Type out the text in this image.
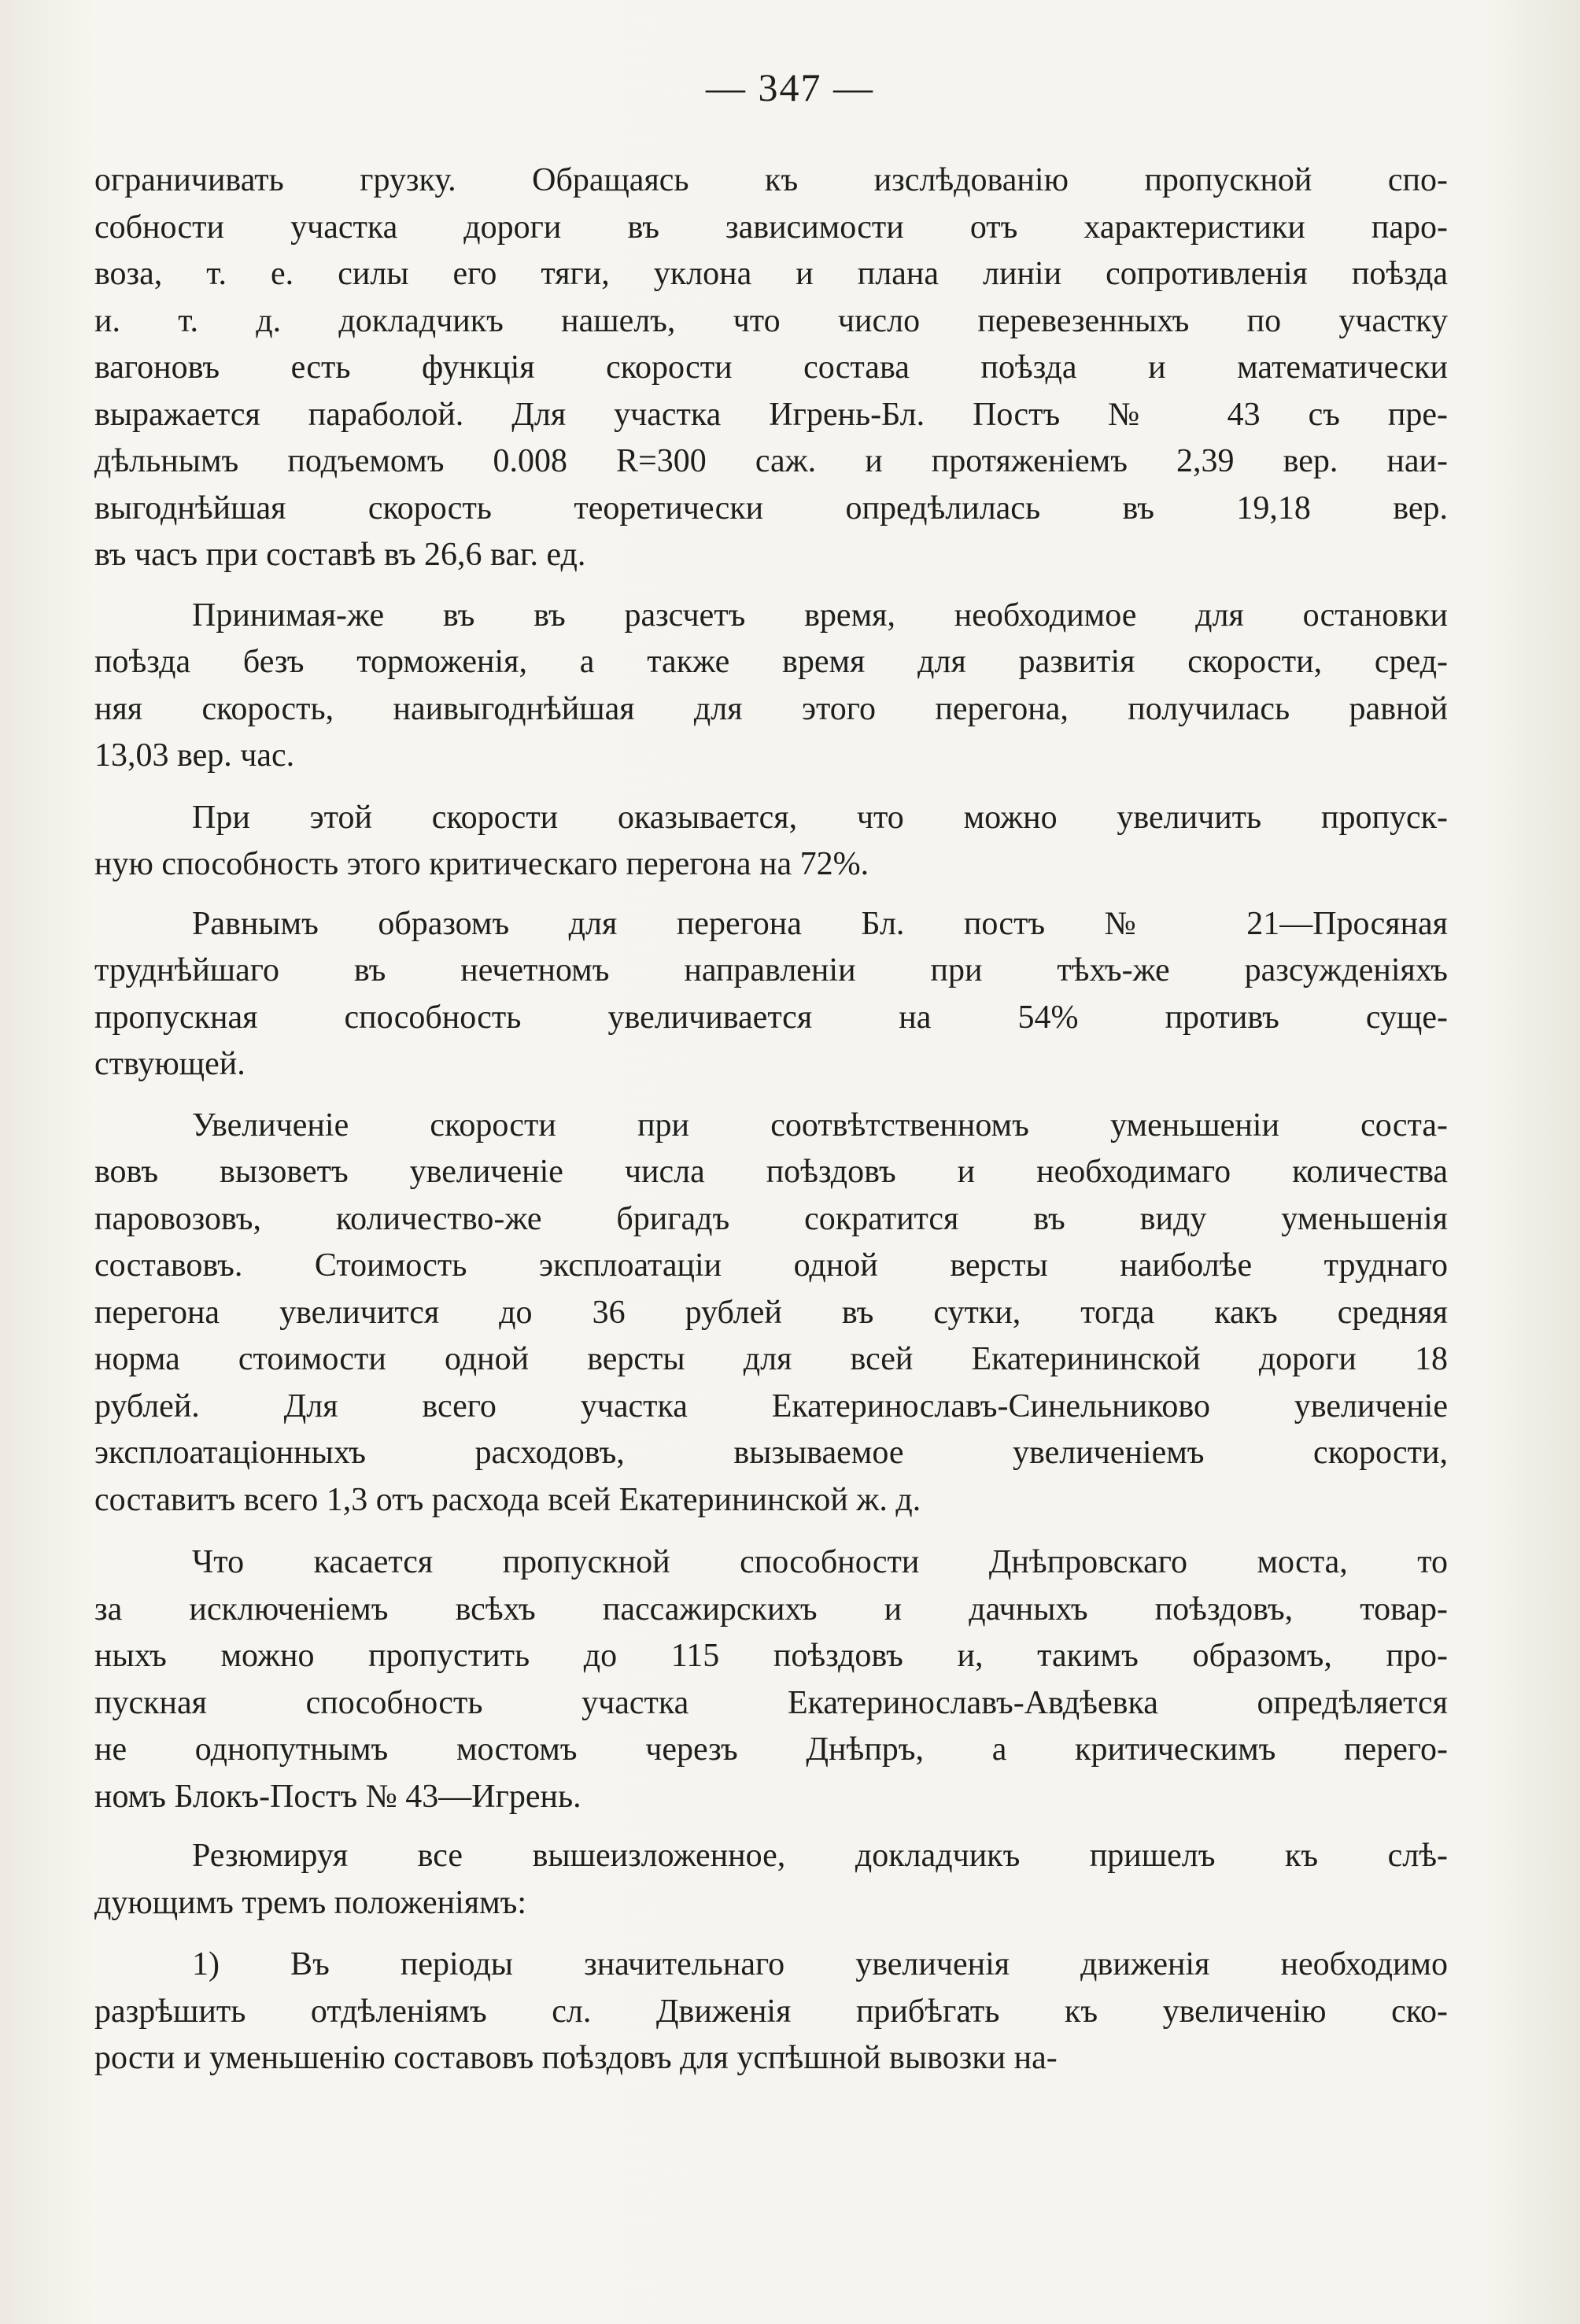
— 347 —
ограничивать грузку. Обращаясь къ изслѣдованію пропускной спо-
собности участка дороги въ зависимости отъ характеристики паро-
воза, т. е. силы его тяги, уклона и плана линіи сопротивленія поѣзда
и. т. д. докладчикъ нашелъ, что число перевезенныхъ по участку
вагоновъ есть функція скорости состава поѣзда и математически
выражается параболой. Для участка Игрень-Бл. Постъ № 43 съ пре-
дѣльнымъ подъемомъ 0.008 R=300 саж. и протяженіемъ 2,39 вер. наи-
выгоднѣйшая скорость теоретически опредѣлилась въ 19,18 вер.
въ часъ при составѣ въ 26,6 ваг. ед.
Принимая-же въ въ разсчетъ время, необходимое для остановки
поѣзда безъ торможенія, а также время для развитія скорости, сред-
няя скорость, наивыгоднѣйшая для этого перегона, получилась равной
13,03 вер. час.
При этой скорости оказывается, что можно увеличить пропуск-
ную способность этого критическаго перегона на 72%.
Равнымъ образомъ для перегона Бл. постъ № 21—Просяная
труднѣйшаго въ нечетномъ направленіи при тѣхъ-же разсужденіяхъ
пропускная способность увеличивается на 54% противъ суще-
ствующей.
Увеличеніе скорости при соотвѣтственномъ уменьшеніи соста-
вовъ вызоветъ увеличеніе числа поѣздовъ и необходимаго количества
паровозовъ, количество-же бригадъ сократится въ виду уменьшенія
составовъ. Стоимость эксплоатаціи одной версты наиболѣе труднаго
перегона увеличится до 36 рублей въ сутки, тогда какъ средняя
норма стоимости одной версты для всей Екатерининской дороги 18
рублей. Для всего участка Екатеринославъ-Синельниково увеличеніе
эксплоатаціонныхъ расходовъ, вызываемое увеличеніемъ скорости,
составитъ всего 1,3 отъ расхода всей Екатерининской ж. д.
Что касается пропускной способности Днѣпровскаго моста, то
за исключеніемъ всѣхъ пассажирскихъ и дачныхъ поѣздовъ, товар-
ныхъ можно пропустить до 115 поѣздовъ и, такимъ образомъ, про-
пускная способность участка Екатеринославъ-Авдѣевка опредѣляется
не однопутнымъ мостомъ черезъ Днѣпръ, а критическимъ перего-
номъ Блокъ-Постъ № 43—Игрень.
Резюмируя все вышеизложенное, докладчикъ пришелъ къ слѣ-
дующимъ тремъ положеніямъ:
1) Въ періоды значительнаго увеличенія движенія необходимо
разрѣшить отдѣленіямъ сл. Движенія прибѣгать къ увеличенію ско-
рости и уменьшенію составовъ поѣздовъ для успѣшной вывозки на-
